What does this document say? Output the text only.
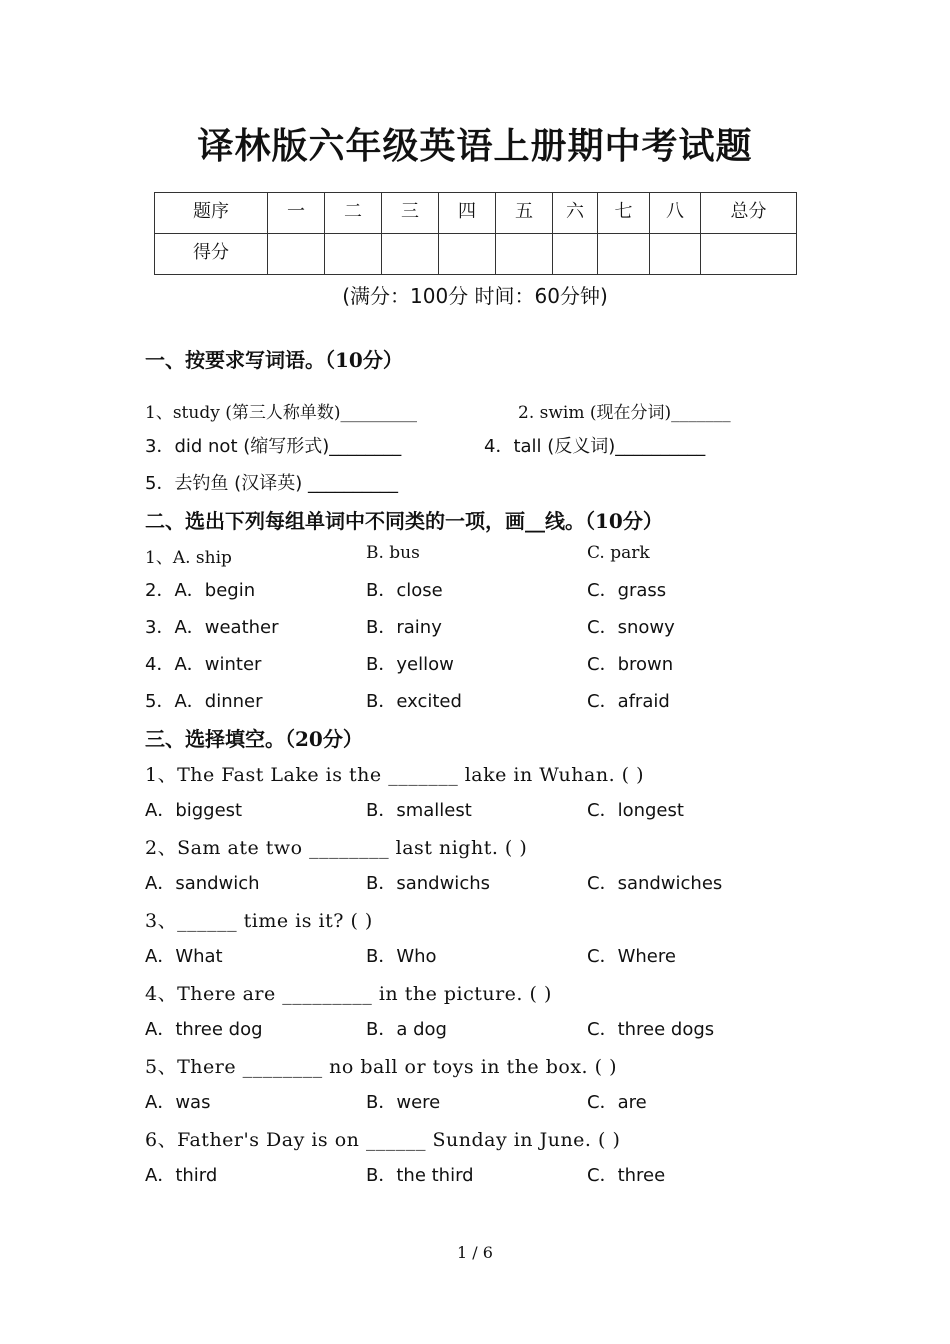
译林版六年级英语上册期中考试题
题序	一	二	三	四	五	六	七	八	总分
得分									
(满分：100分 时间：60分钟)
一、按要求写词语。（10分）
1、study (第三人称单数)_________	2. swim (现在分词)_______
3．did not (缩写形式)________	4．tall (反义词)__________
5．去钓鱼 (汉译英) __________
二、选出下列每组单词中不同类的一项，画__线。（10分）
1、A. ship	B. bus	C. park
2．A．begin	B．close	C．grass
3．A．weather	B．rainy	C．snowy
4．A．winter	B．yellow	C．brown
5．A．dinner	B．excited	C．afraid
三、选择填空。（20分）
1、The Fast Lake is the _______ lake in Wuhan. ( )
A．biggest	B．smallest	C．longest
2、Sam ate two ________ last night. ( )
A．sandwich	B．sandwichs	C．sandwiches
3、______ time is it? ( )
A．What	B．Who	C．Where
4、There are _________ in the picture. ( )
A．three dog	B．a dog	C．three dogs
5、There ________ no ball or toys in the box. ( )
A．was	B．were	C．are
6、Father's Day is on ______ Sunday in June. ( )
A．third	B．the third	C．three
1 / 6
